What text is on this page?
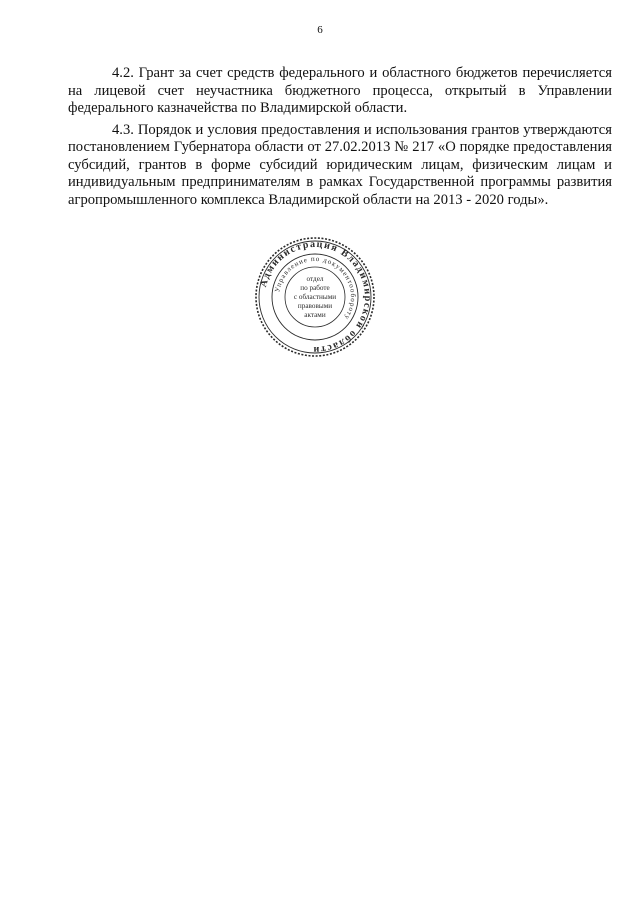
6

4.2. Грант за счет средств федерального и областного бюджетов перечисляется на лицевой счет неучастника бюджетного процесса, открытый в Управлении федерального казначейства по Владимирской области.

4.3. Порядок и условия предоставления и использования грантов утверждаются постановлением Губернатора области от 27.02.2013 № 217 «О порядке предоставления субсидий, грантов в форме субсидий юридическим лицам, физическим лицам и индивидуальным предпринимателям в рамках Государственной программы развития агропромышленного комплекса Владимирской области на 2013 - 2020 годы».

Администрация Владимирской области
Управление по документообороту
отдел
по работе
с областными
правовыми
актами
